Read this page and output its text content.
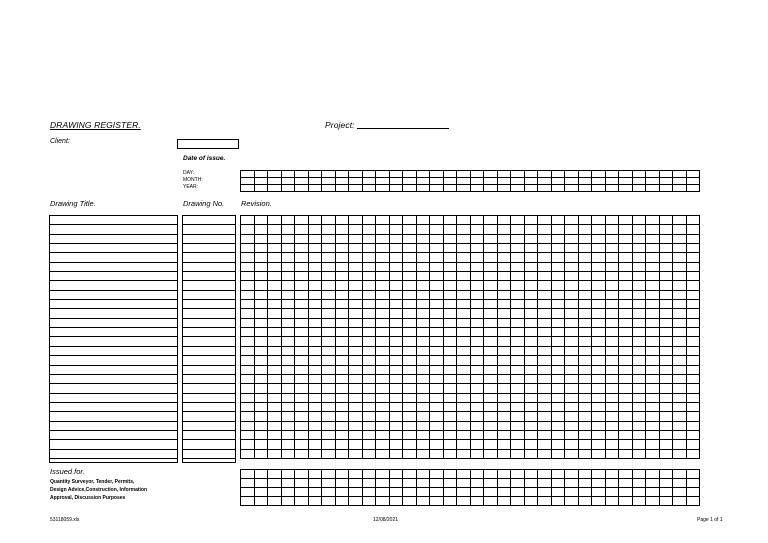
DRAWING REGISTER.	Project:
Client:
Date of issue.
DAY:
MONTH:
YEAR:
Drawing Title.	Drawing No. Revision.
Issued for.
Quantity Surveyor, Tender, Permits,
Design Advice,Construction, Information
Approval, Discussion Purposes
53118059.xls	12/08/2021	Page 1 of 1
